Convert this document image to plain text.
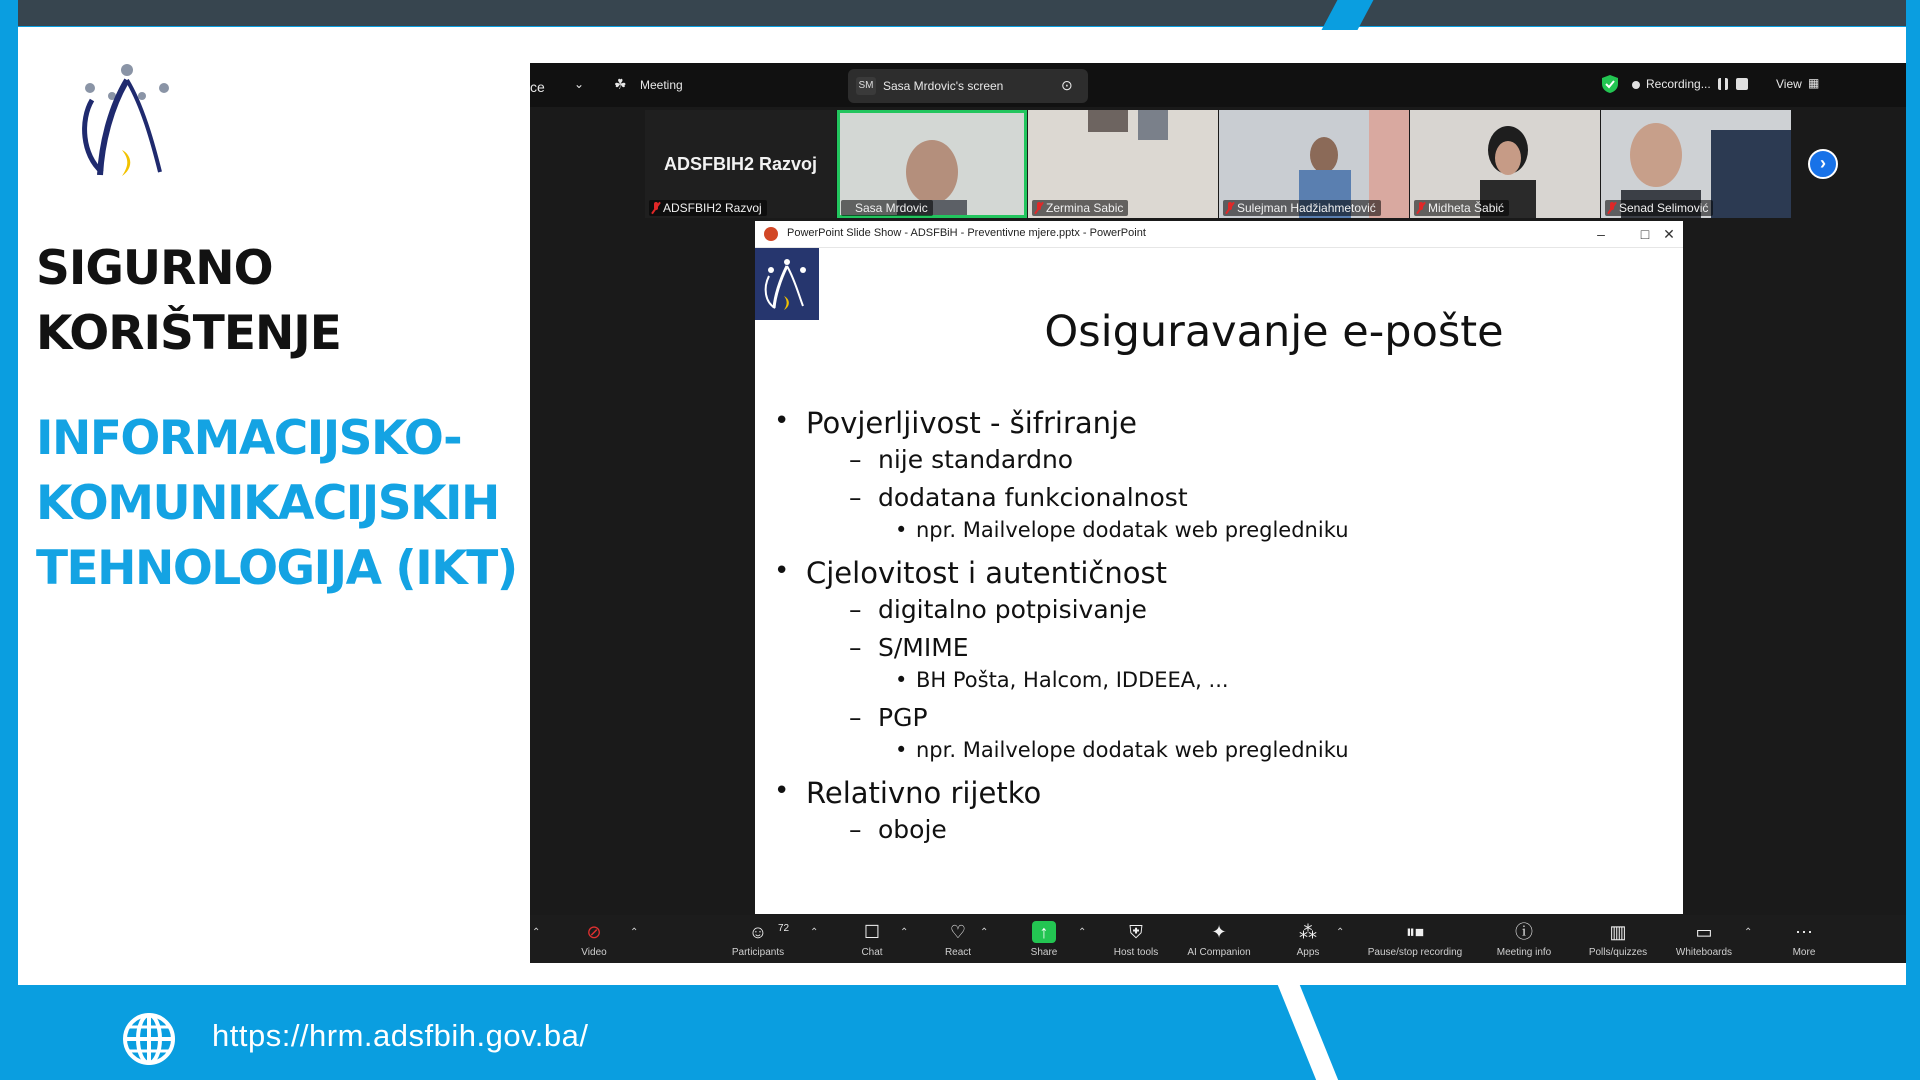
SIGURNO
KORIŠTENJE
INFORMACIJSKO-
KOMUNIKACIJSKIH
TEHNOLOGIJA (IKT)
https://hrm.adsfbih.gov.ba/
ce ⌄ ☘ Meeting	SM Sasa Mrdovic's screen	⊙	Recording...	View ▦
ADSFBIH2 Razvoj
ADSFBIH2 Razvoj	Sasa Mrdovic	Zermina Sabic	Sulejman Hadžiahmetović	Midheta Šabić	Senad Selimović
›
PowerPoint Slide Show - ADSFBiH - Preventivne mjere.pptx - PowerPoint	–	□ ✕
Osiguravanje e-pošte
• Povjerljivost - šifriranje
– nije standardno
– dodatana funkcionalnost
• npr. Mailvelope dodatak web pregledniku
• Cjelovitost i autentičnost
– digitalno potpisivanje
– S/MIME
• BH Pošta, Halcom, IDDEEA, ...
– PGP
• npr. Mailvelope dodatak web pregledniku
• Relativno rijetko
– oboje
⌃	⊘
Video
⌃	☺
Participants
72 ⌃	☐
Chat
⌃ ♡
React
⌃	↑
Share
⌃ ⛨
Host tools
✦
AI Companion
⁂
Apps
⌃	⏸⏹
Pause/stop recording
ⓘ
Meeting info
▥
Polls/quizzes
▭
Whiteboards
⌃ ⋯
More
